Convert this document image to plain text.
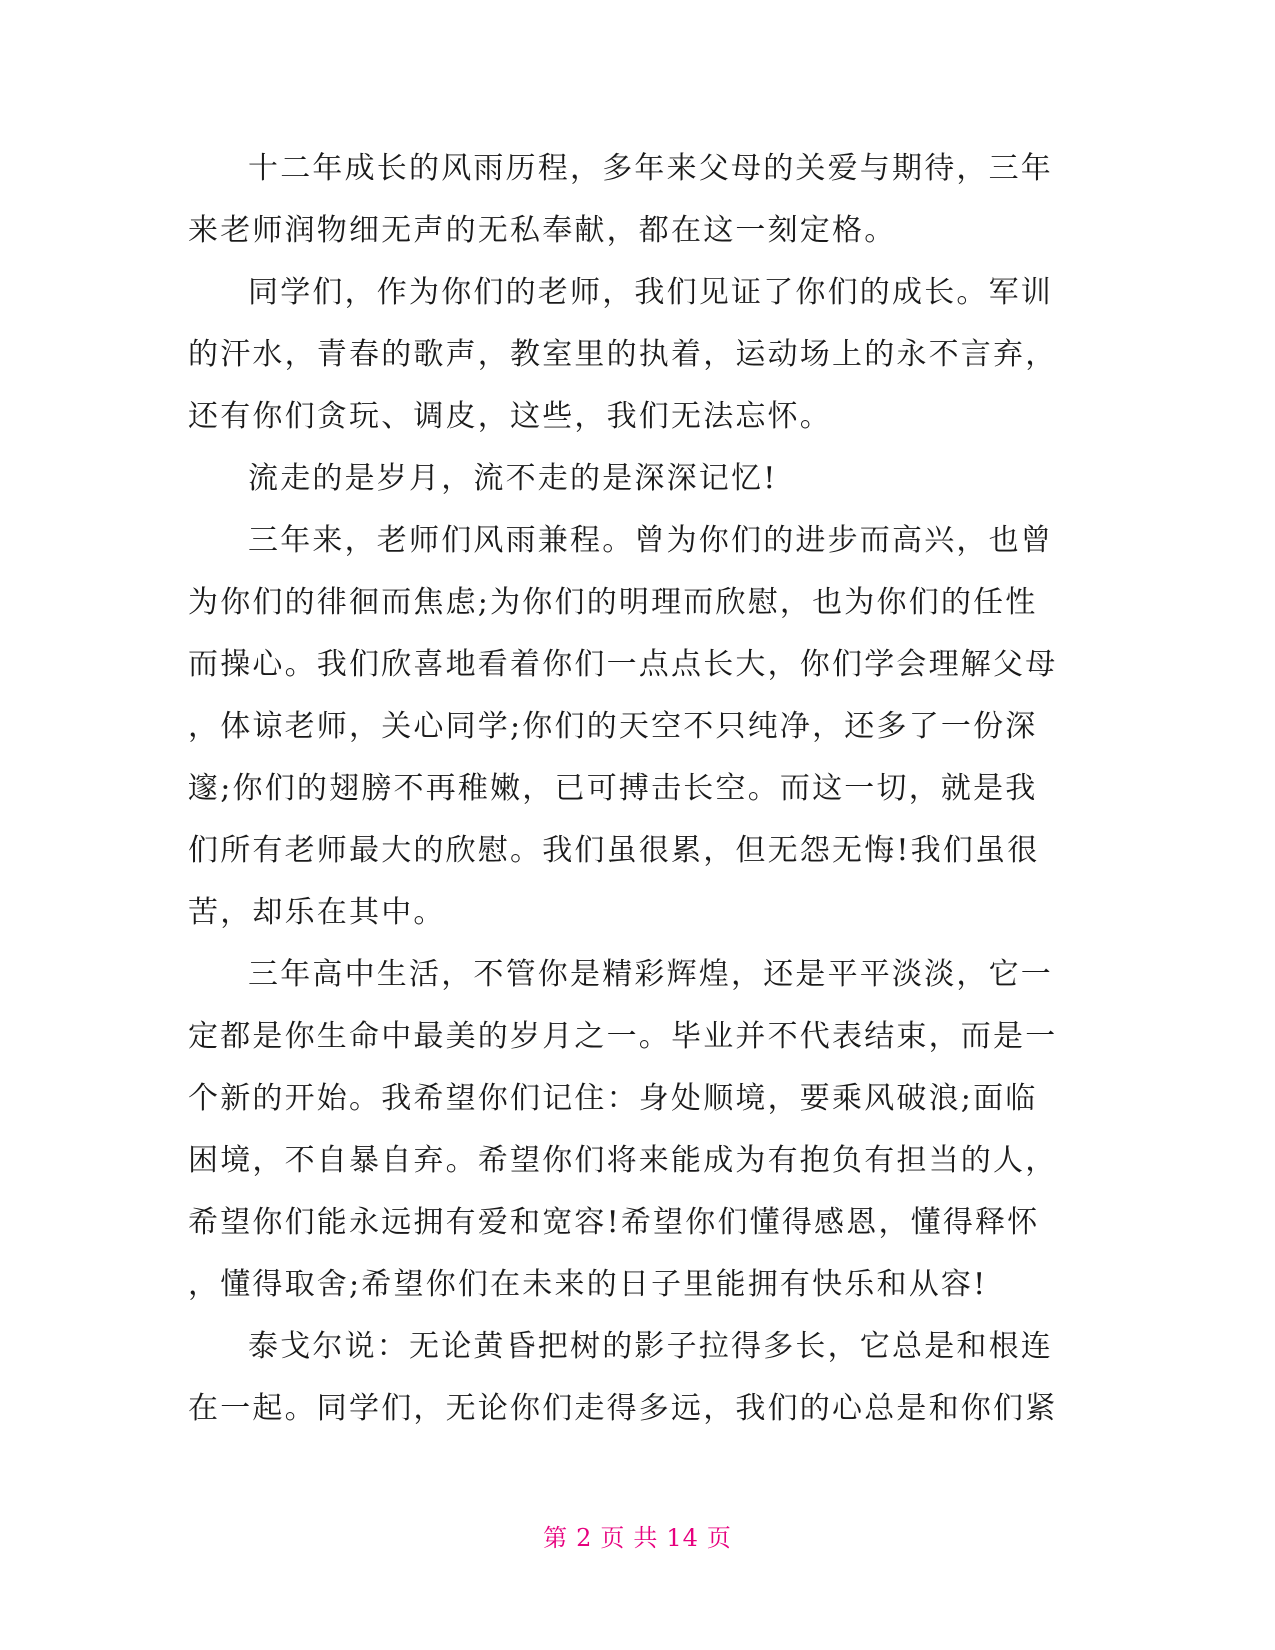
十二年成长的风雨历程，多年来父母的关爱与期待，三年
来老师润物细无声的无私奉献，都在这一刻定格。
同学们，作为你们的老师，我们见证了你们的成长。军训
的汗水，青春的歌声，教室里的执着，运动场上的永不言弃，
还有你们贪玩、调皮，这些，我们无法忘怀。
流走的是岁月，流不走的是深深记忆!
三年来，老师们风雨兼程。曾为你们的进步而高兴，也曾
为你们的徘徊而焦虑;为你们的明理而欣慰，也为你们的任性
而操心。我们欣喜地看着你们一点点长大，你们学会理解父母
，体谅老师，关心同学;你们的天空不只纯净，还多了一份深
邃;你们的翅膀不再稚嫩，已可搏击长空。而这一切，就是我
们所有老师最大的欣慰。我们虽很累，但无怨无悔!我们虽很
苦，却乐在其中。
三年高中生活，不管你是精彩辉煌，还是平平淡淡，它一
定都是你生命中最美的岁月之一。毕业并不代表结束，而是一
个新的开始。我希望你们记住：身处顺境，要乘风破浪;面临
困境，不自暴自弃。希望你们将来能成为有抱负有担当的人，
希望你们能永远拥有爱和宽容!希望你们懂得感恩，懂得释怀
，懂得取舍;希望你们在未来的日子里能拥有快乐和从容!
泰戈尔说：无论黄昏把树的影子拉得多长，它总是和根连
在一起。同学们，无论你们走得多远，我们的心总是和你们紧
第 2 页 共 14 页
